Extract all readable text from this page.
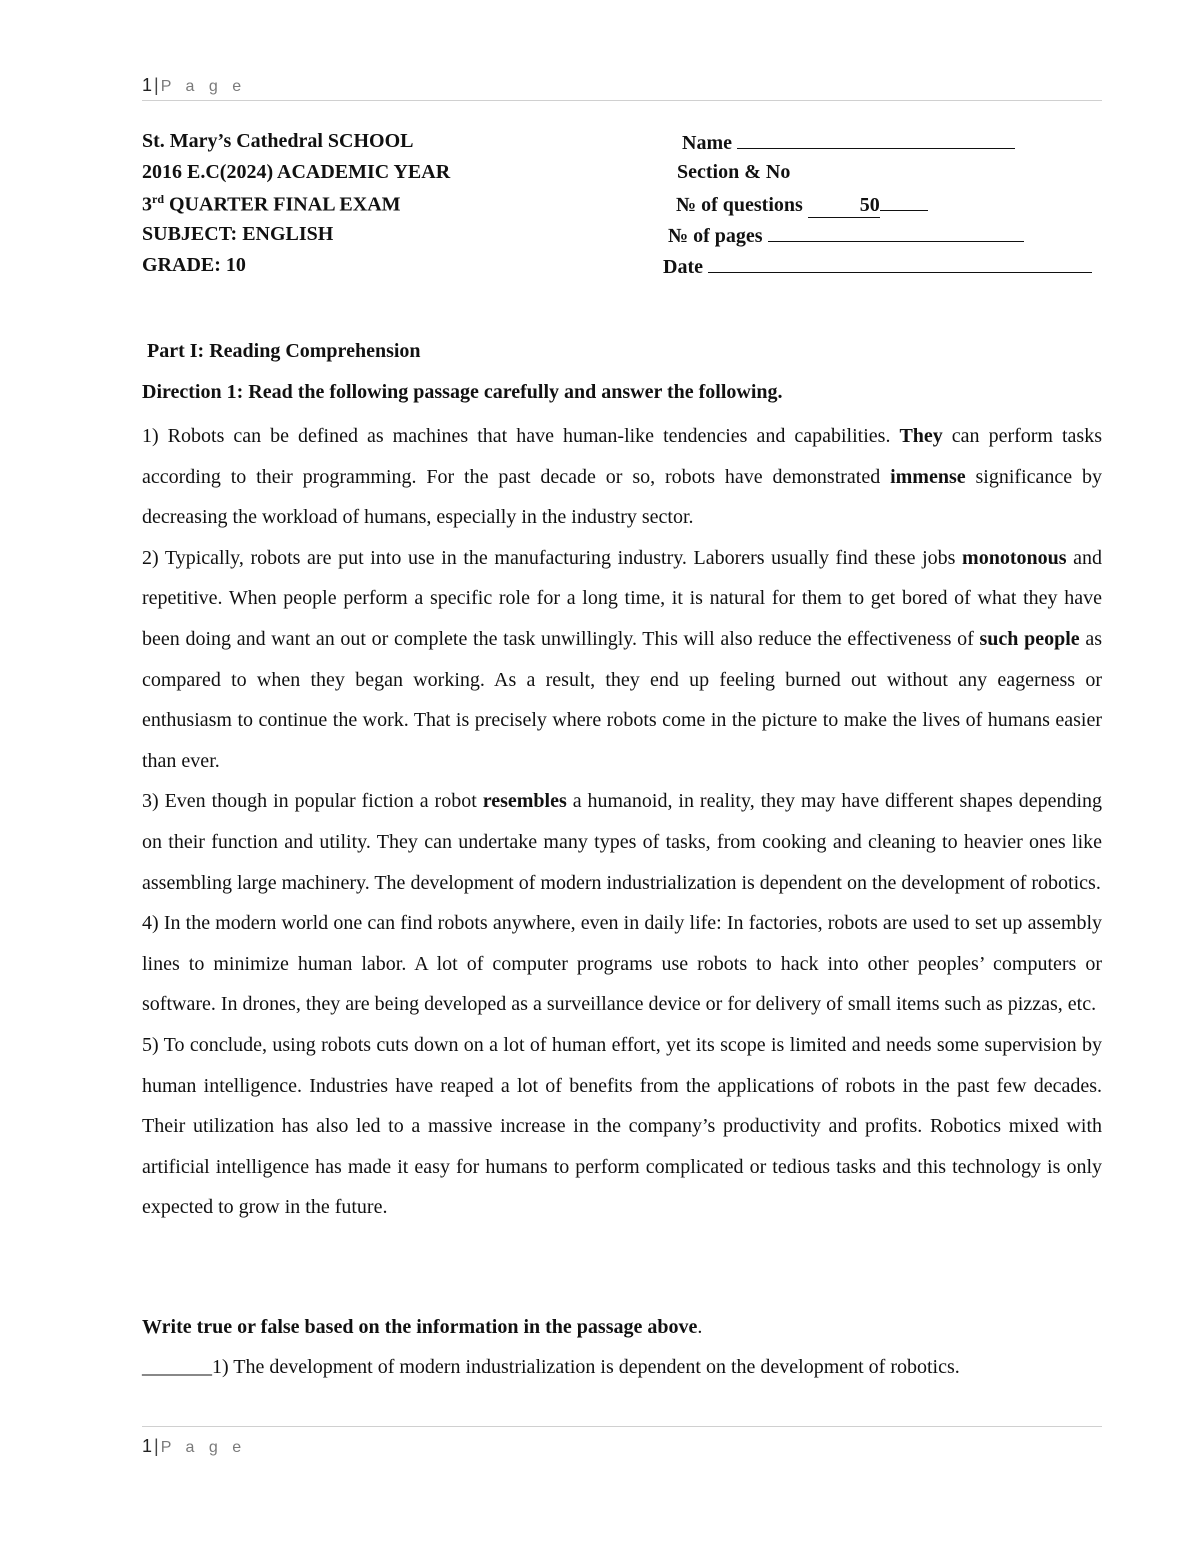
1 | P a g e
St. Mary’s Cathedral SCHOOL
2016 E.C(2024) ACADEMIC YEAR
3rd QUARTER FINAL EXAM
SUBJECT: ENGLISH
GRADE: 10
Name
Section & No
№ of questions	50
№ of pages
Date
Part I: Reading Comprehension
Direction 1: Read the following passage carefully and answer the following.

1) Robots can be defined as machines that have human-like tendencies and capabilities. They can perform tasks according to their programming. For the past decade or so, robots have demonstrated immense significance by decreasing the workload of humans, especially in the industry sector.

2) Typically, robots are put into use in the manufacturing industry. Laborers usually find these jobs monotonous and repetitive. When people perform a specific role for a long time, it is natural for them to get bored of what they have been doing and want an out or complete the task unwillingly. This will also reduce the effectiveness of such people as compared to when they began working. As a result, they end up feeling burned out without any eagerness or enthusiasm to continue the work. That is precisely where robots come in the picture to make the lives of humans easier than ever.

3) Even though in popular fiction a robot resembles a humanoid, in reality, they may have different shapes depending on their function and utility. They can undertake many types of tasks, from cooking and cleaning to heavier ones like assembling large machinery. The development of modern industrialization is dependent on the development of robotics.

4) In the modern world one can find robots anywhere, even in daily life: In factories, robots are used to set up assembly lines to minimize human labor. A lot of computer programs use robots to hack into other peoples’ computers or software. In drones, they are being developed as a surveillance device or for delivery of small items such as pizzas, etc.

5) To conclude, using robots cuts down on a lot of human effort, yet its scope is limited and needs some supervision by human intelligence. Industries have reaped a lot of benefits from the applications of robots in the past few decades. Their utilization has also led to a massive increase in the company’s productivity and profits. Robotics mixed with artificial intelligence has made it easy for humans to perform complicated or tedious tasks and this technology is only expected to grow in the future.

Write true or false based on the information in the passage above.
_______1) The development of modern industrialization is dependent on the development of robotics.
1 | P a g e
